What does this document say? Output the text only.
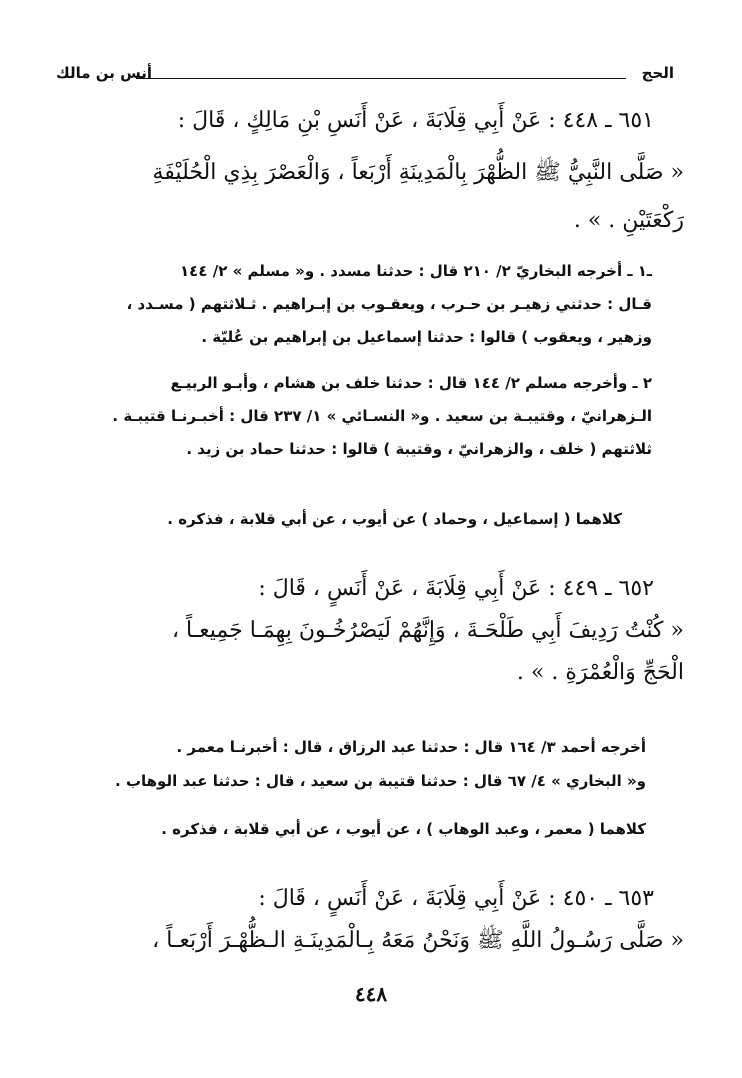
الحج
أنس بن مالك
٦٥١ ـ ٤٤٨ : عَنْ أَبِي قِلَابَةَ ، عَنْ أَنَسِ بْنِ مَالِكٍ ، قَالَ :
« صَلَّى النَّبِيُّ ﷺ الظُّهْرَ بِالْمَدِينَةِ أَرْبَعاً ، وَالْعَصْرَ بِذِي الْحُلَيْفَةِ
رَكْعَتَيْنِ . » .
ـ١ ـ أخرجه البخاريّ ٢/ ٢١٠ قال : حدثنا مسدد . و« مسلم » ٢/ ١٤٤
قـال : حدثني زهيـر بن حـرب ، ويعقـوب بن إبـراهيم . ثـلاثتهم ( مسـدد ،
وزهير ، ويعقوب ) قالوا : حدثنا إسماعيل بن إبراهيم بن عُليّة .
٢ ـ وأخرجه مسلم ٢/ ١٤٤ قال : حدثنا خلف بن هشام ، وأبـو الربيـع
الـزهرانيّ ، وقتيبـة بن سعيد . و« النسـائي » ١/ ٢٣٧ قال : أخبـرنـا قتيبـة .
ثلاثتهم ( خلف ، والزهرانيّ ، وقتيبة ) قالوا : حدثنا حماد بن زيد .
كلاهما ( إسماعيل ، وحماد ) عن أيوب ، عن أبي قلابة ، فذكره .
٦٥٢ ـ ٤٤٩ : عَنْ أَبِي قِلَابَةَ ، عَنْ أَنَسٍ ، قَالَ :
« كُنْتُ رَدِيفَ أَبِي طَلْحَـةَ ، وَإِنَّهُمْ لَيَصْرُخُـونَ بِهِمَـا جَمِيعـاً ،
الْحَجِّ وَالْعُمْرَةِ . » .
أخرجه أحمد ٣/ ١٦٤ قال : حدثنا عبد الرزاق ، قال : أخبرنـا معمر .
و« البخاري » ٤/ ٦٧ قال : حدثنا قتيبة بن سعيد ، قال : حدثنا عبد الوهاب .
كلاهما ( معمر ، وعبد الوهاب ) ، عن أيوب ، عن أبي قلابة ، فذكره .
٦٥٣ ـ ٤٥٠ : عَنْ أَبِي قِلَابَةَ ، عَنْ أَنَسٍ ، قَالَ :
« صَلَّى رَسُـولُ اللَّهِ ﷺ وَنَحْنُ مَعَهُ بِـالْمَدِينَـةِ الـظُّهْـرَ أَرْبَعـاً ،
٤٤٨
